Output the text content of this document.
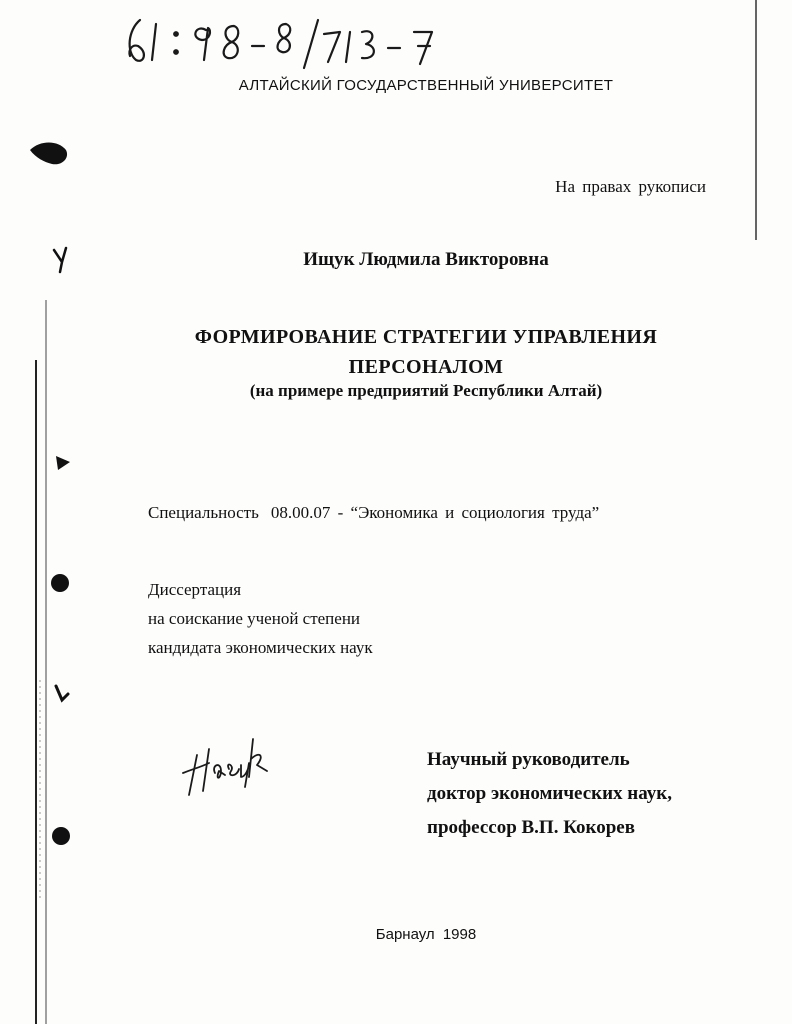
АЛТАЙСКИЙ ГОСУДАРСТВЕННЫЙ УНИВЕРСИТЕТ
На правах рукописи
Ищук Людмила Викторовна
ФОРМИРОВАНИЕ СТРАТЕГИИ УПРАВЛЕНИЯ
ПЕРСОНАЛОМ
(на примере предприятий Республики Алтай)
Специальность 08.00.07 - “Экономика и социология труда”
Диссертация
на соискание ученой степени
кандидата экономических наук
Научный руководитель
доктор экономических наук,
профессор В.П. Кокорев
Барнаул 1998
